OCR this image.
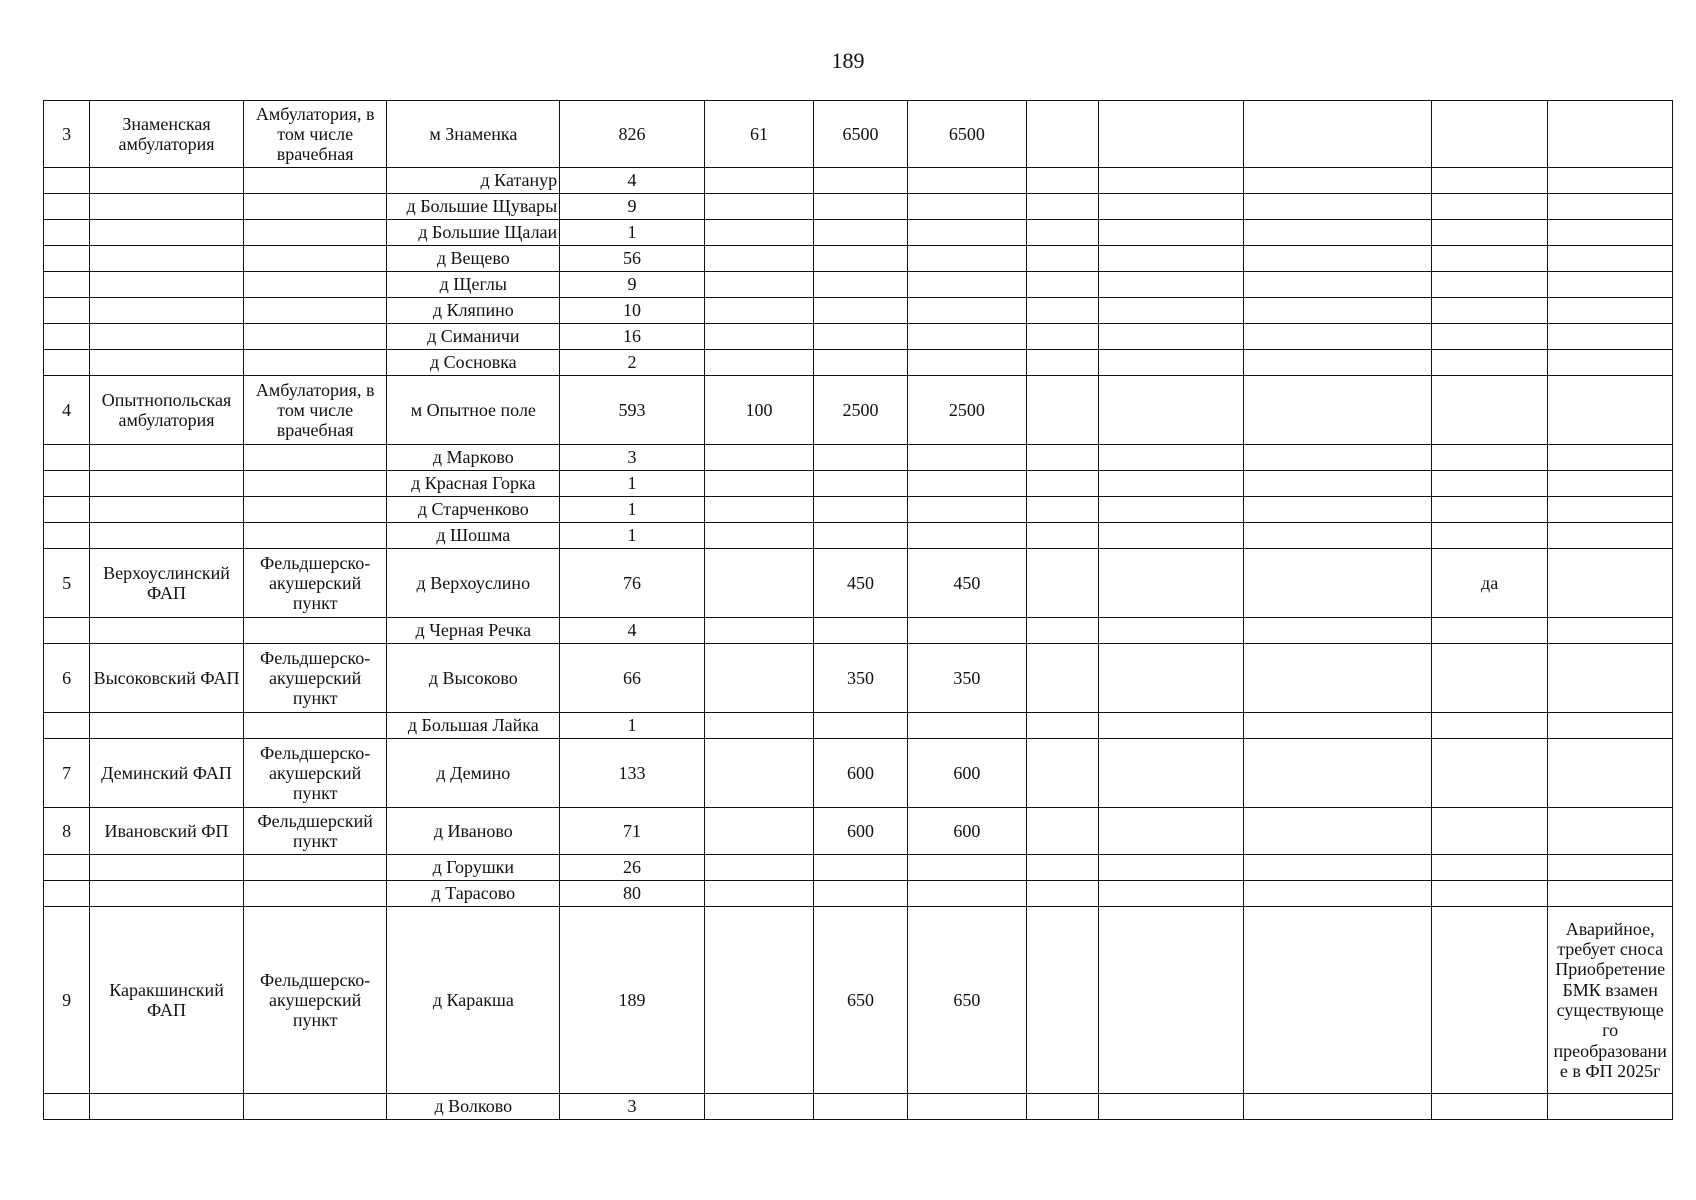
189
3	Знаменская амбулатория	Амбулатория, в том числе врачебная	м Знаменка	826	61	6500	6500					
			д Катанур	4								
			д Большие Щувары	9								
			д Большие Щалаи	1								
			д Вещево	56								
			д Щеглы	9								
			д Кляпино	10								
			д Симаничи	16								
			д Сосновка	2								
4	Опытнопольская амбулатория	Амбулатория, в том числе врачебная	м Опытное поле	593	100	2500	2500					
			д Марково	3								
			д Красная Горка	1								
			д Старченково	1								
			д Шошма	1								
5	Верхоуслинский ФАП	Фельдшерско-акушерский пункт	д Верхоуслино	76		450	450				да	
			д Черная Речка	4								
6	Высоковский ФАП	Фельдшерско-акушерский пункт	д Высоково	66		350	350					
			д Большая Лайка	1								
7	Деминский ФАП	Фельдшерско-акушерский пункт	д Демино	133		600	600					
8	Ивановский ФП	Фельдшерский пункт	д Иваново	71		600	600					
			д Горушки	26								
			д Тарасово	80								
9	Каракшинский ФАП	Фельдшерско-акушерский пункт	д Каракша	189		650	650					Аварийное, требует сноса Приобретение БМК взамен существующе го преобразовани е в ФП 2025г
			д Волково	3								
